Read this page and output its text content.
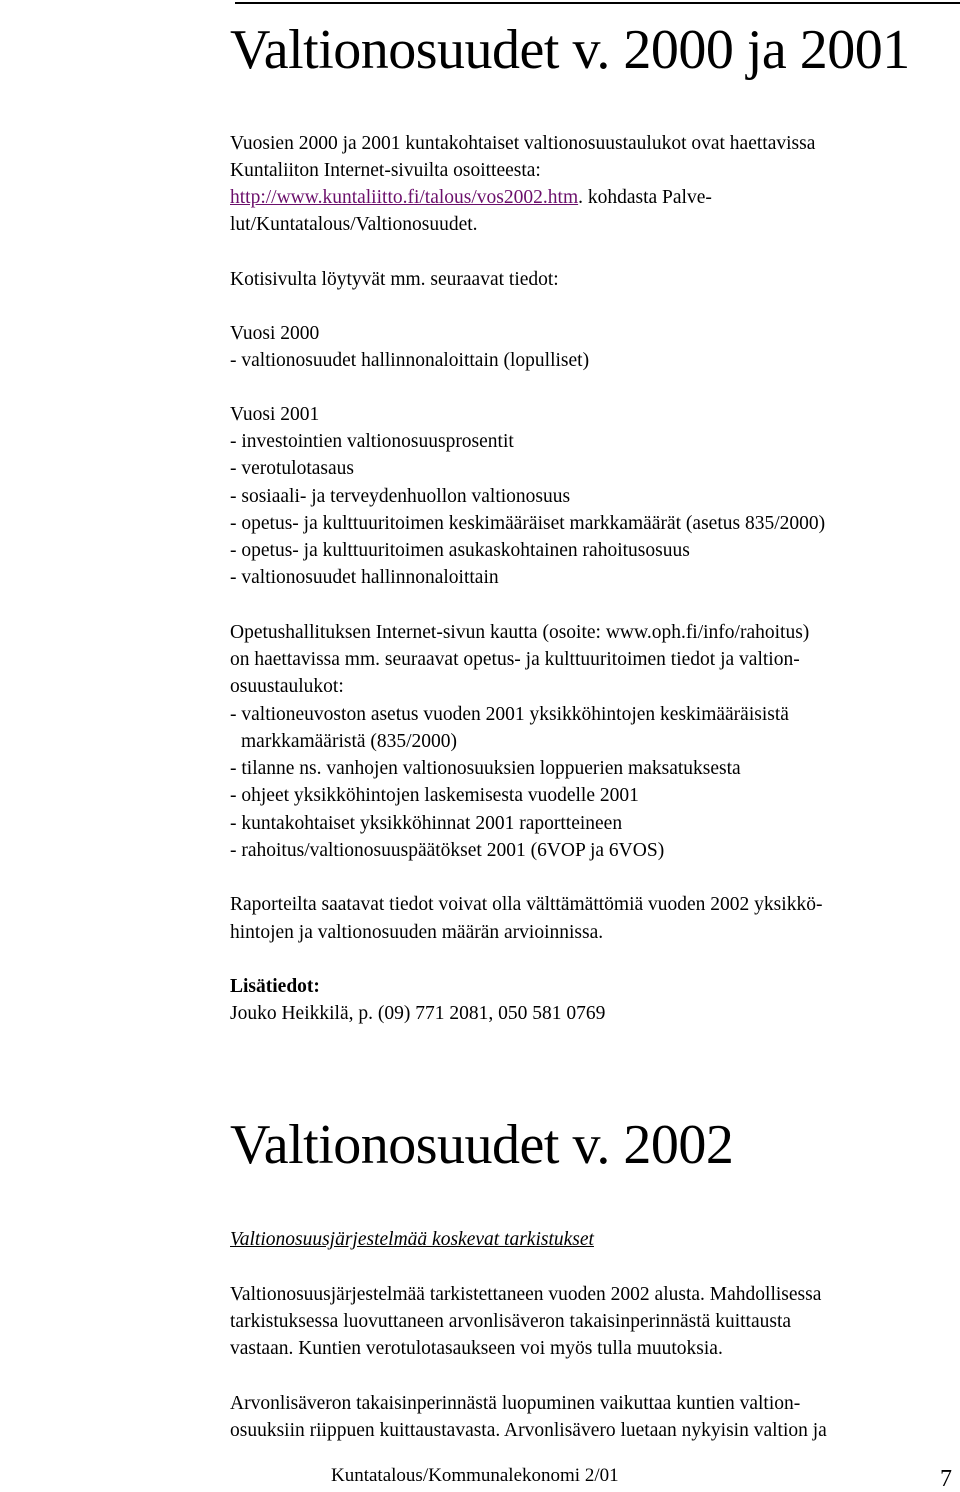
Valtionosuudet v. 2000 ja 2001
Vuosien 2000 ja 2001 kuntakohtaiset valtionosuustaulukot ovat haettavissa
Kuntaliiton Internet-sivuilta osoitteesta:
http://www.kuntaliitto.fi/talous/vos2002.htm. kohdasta Palve-
lut/Kuntatalous/Valtionosuudet.
Kotisivulta löytyvät mm. seuraavat tiedot:
Vuosi 2000
- valtionosuudet hallinnonaloittain (lopulliset)
Vuosi 2001
- investointien valtionosuusprosentit
- verotulotasaus
- sosiaali- ja terveydenhuollon valtionosuus
- opetus- ja kulttuuritoimen keskimääräiset markkamäärät (asetus 835/2000)
- opetus- ja kulttuuritoimen asukaskohtainen rahoitusosuus
- valtionosuudet hallinnonaloittain
Opetushallituksen Internet-sivun kautta (osoite: www.oph.fi/info/rahoitus)
on haettavissa mm. seuraavat opetus- ja kulttuuritoimen tiedot ja valtion-
osuustaulukot:
- valtioneuvoston asetus vuoden 2001 yksikköhintojen keskimääräisistä
markkamääristä (835/2000)
- tilanne ns. vanhojen valtionosuuksien loppuerien maksatuksesta
- ohjeet yksikköhintojen laskemisesta vuodelle 2001
- kuntakohtaiset yksikköhinnat 2001 raportteineen
- rahoitus/valtionosuuspäätökset 2001 (6VOP ja 6VOS)
Raporteilta saatavat tiedot voivat olla välttämättömiä vuoden 2002 yksikkö-
hintojen ja valtionosuuden määrän arvioinnissa.
Lisätiedot:
Jouko Heikkilä, p. (09) 771 2081, 050 581 0769
Valtionosuudet v. 2002
Valtionosuusjärjestelmää koskevat tarkistukset
Valtionosuusjärjestelmää tarkistettaneen vuoden 2002 alusta. Mahdollisessa
tarkistuksessa luovuttaneen arvonlisäveron takaisinperinnästä kuittausta
vastaan. Kuntien verotulotasaukseen voi myös tulla muutoksia.
Arvonlisäveron takaisinperinnästä luopuminen vaikuttaa kuntien valtion-
osuuksiin riippuen kuittaustavasta. Arvonlisävero luetaan nykyisin valtion ja
Kuntatalous/Kommunalekonomi 2/01	7
